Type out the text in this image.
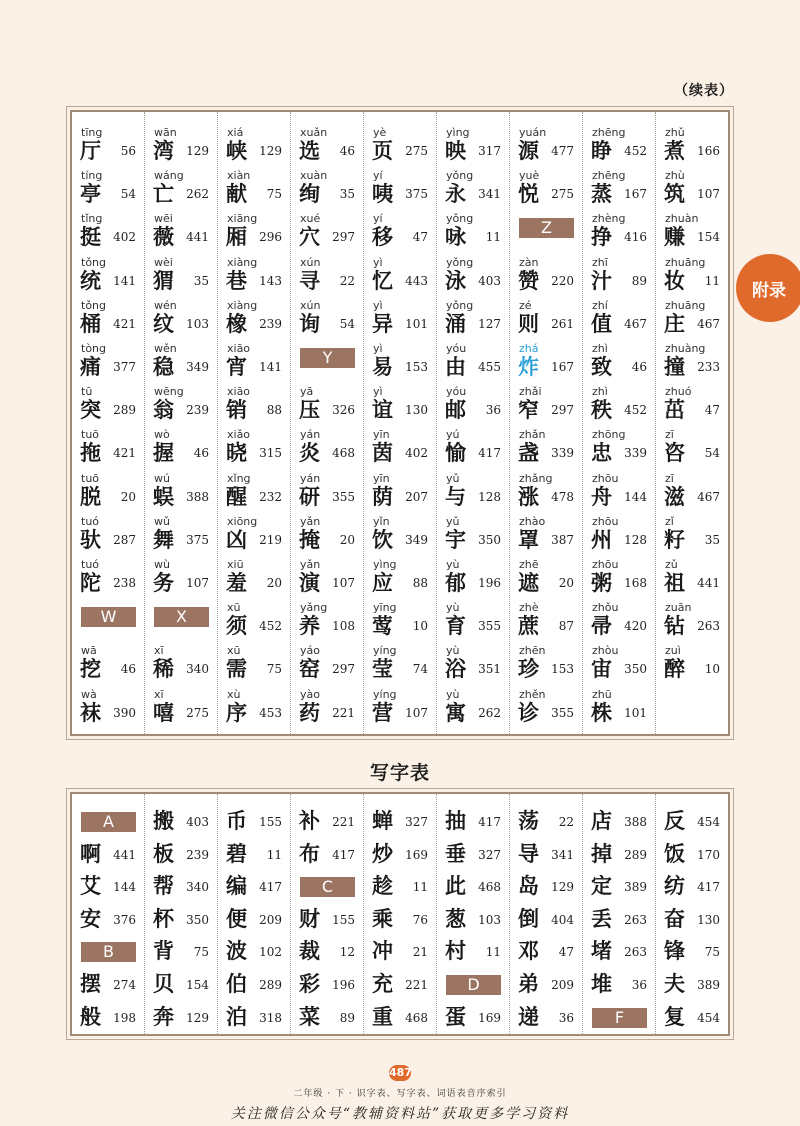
（续表）
附录
tīng
厅 56
tíng
亭 54
tǐng
挺 402
tǒng
统 141
tǒng
桶 421
tòng
痛 377
tū
突 289
tuō
拖 421
tuō
脱 20
tuó
驮 287
tuó
陀 238
W
wā
挖 46
wà
袜 390
wān
湾 129
wáng
亡 262
wēi
薇 441
wèi
猬 35
wén
纹 103
wěn
稳 349
wēng
翁 239
wò
握 46
wú
蜈 388
wǔ
舞 375
wù
务 107
X
xī
稀 340
xī
嘻 275
xiá
峡 129
xiàn
献 75
xiāng
厢 296
xiàng
巷 143
xiàng
橡 239
xiāo
宵 141
xiāo
销 88
xiǎo
晓 315
xǐng
醒 232
xiōng
凶 219
xiū
羞 20
xū
须 452
xū
需 75
xù
序 453
xuǎn
选 46
xuàn
绚 35
xué
穴 297
xún
寻 22
xún
询 54
Y
yā
压 326
yán
炎 468
yán
研 355
yǎn
掩 20
yǎn
演 107
yǎng
养 108
yáo
窑 297
yào
药 221
yè
页 275
yí
咦 375
yí
移 47
yì
忆 443
yì
异 101
yì
易 153
yì
谊 130
yīn
茵 402
yīn
荫 207
yǐn
饮 349
yìng
应 88
yīng
莺 10
yíng
莹 74
yíng
营 107
yìng
映 317
yǒng
永 341
yǒng
咏 11
yǒng
泳 403
yǒng
涌 127
yóu
由 455
yóu
邮 36
yú
愉 417
yǔ
与 128
yǔ
宇 350
yù
郁 196
yù
育 355
yù
浴 351
yù
寓 262
yuán
源 477
yuè
悦 275
Z
zàn
赞 220
zé
则 261
zhá
炸 167
zhǎi
窄 297
zhǎn
盏 339
zhǎng
涨 478
zhào
罩 387
zhē
遮 20
zhè
蔗 87
zhēn
珍 153
zhěn
诊 355
zhēng
睁 452
zhēng
蒸 167
zhèng
挣 416
zhī
汁 89
zhí
值 467
zhì
致 46
zhì
秩 452
zhōng
忠 339
zhōu
舟 144
zhōu
州 128
zhōu
粥 168
zhǒu
帚 420
zhòu
宙 350
zhū
株 101
zhǔ
煮 166
zhù
筑 107
zhuàn
赚 154
zhuāng
妆 11
zhuāng
庄 467
zhuàng
撞 233
zhuó
茁 47
zī
咨 54
zī
滋 467
zǐ
籽 35
zǔ
祖 441
zuān
钻 263
zuì
醉 10
写字表
A
啊 441
艾 144
安 376
B
摆 274
般 198
搬 403
板 239
帮 340
杯 350
背 75
贝 154
奔 129
币 155
碧 11
编 417
便 209
波 102
伯 289
泊 318
补 221
布 417
C
财 155
裁 12
彩 196
菜 89
蝉 327
炒 169
趁 11
乘 76
冲 21
充 221
重 468
抽 417
垂 327
此 468
葱 103
村 11
D
蛋 169
荡 22
导 341
岛 129
倒 404
邓 47
弟 209
递 36
店 388
掉 289
定 389
丢 263
堵 263
堆 36
F
反 454
饭 170
纺 417
奋 130
锋 75
夫 389
复 454
487
二年级 · 下 · 识字表、写字表、词语表音序索引
关注微信公众号“教辅资料站”获取更多学习资料
